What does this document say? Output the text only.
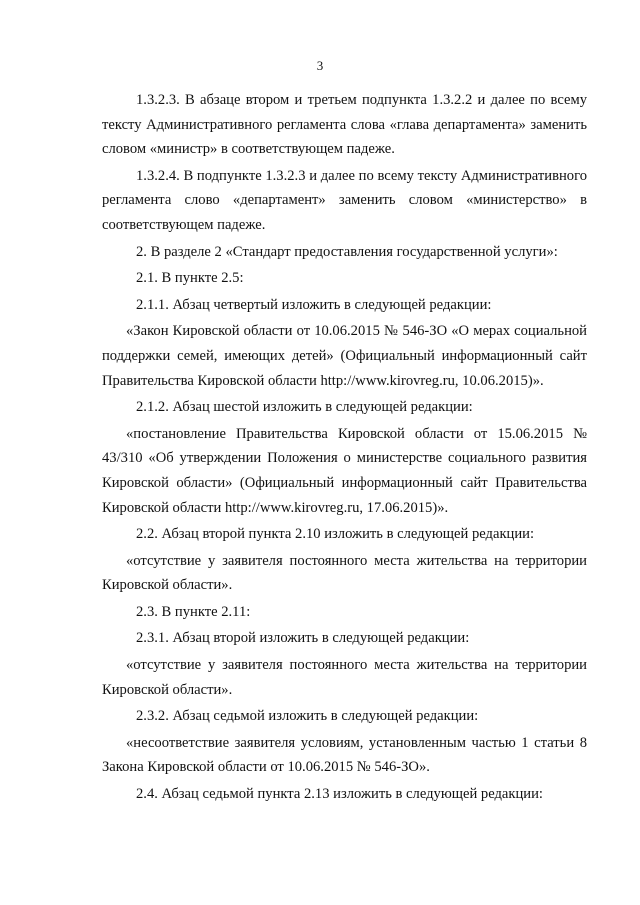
3

1.3.2.3. В абзаце втором и третьем подпункта 1.3.2.2 и далее по всему тексту Административного регламента слова «глава департамента» заменить словом «министр» в соответствующем падеже.

1.3.2.4. В подпункте 1.3.2.3 и далее по всему тексту Административного регламента слово «департамент» заменить словом «министерство» в соответствующем падеже.

2. В разделе 2 «Стандарт предоставления государственной услуги»:

2.1. В пункте 2.5:

2.1.1. Абзац четвертый изложить в следующей редакции:

«Закон Кировской области от 10.06.2015 № 546-ЗО «О мерах социальной поддержки семей, имеющих детей» (Официальный информационный сайт Правительства Кировской области http://www.kirovreg.ru, 10.06.2015)».

2.1.2. Абзац шестой изложить в следующей редакции:

«постановление Правительства Кировской области от 15.06.2015 № 43/310 «Об утверждении Положения о министерстве социального развития Кировской области» (Официальный информационный сайт Правительства Кировской области http://www.kirovreg.ru, 17.06.2015)».

2.2. Абзац второй пункта 2.10 изложить в следующей редакции:

«отсутствие у заявителя постоянного места жительства на территории Кировской области».

2.3. В пункте 2.11:

2.3.1. Абзац второй изложить в следующей редакции:

«отсутствие у заявителя постоянного места жительства на территории Кировской области».

2.3.2. Абзац седьмой изложить в следующей редакции:

«несоответствие заявителя условиям, установленным частью 1 статьи 8 Закона Кировской области от 10.06.2015 № 546-ЗО».

2.4. Абзац седьмой пункта 2.13 изложить в следующей редакции:
